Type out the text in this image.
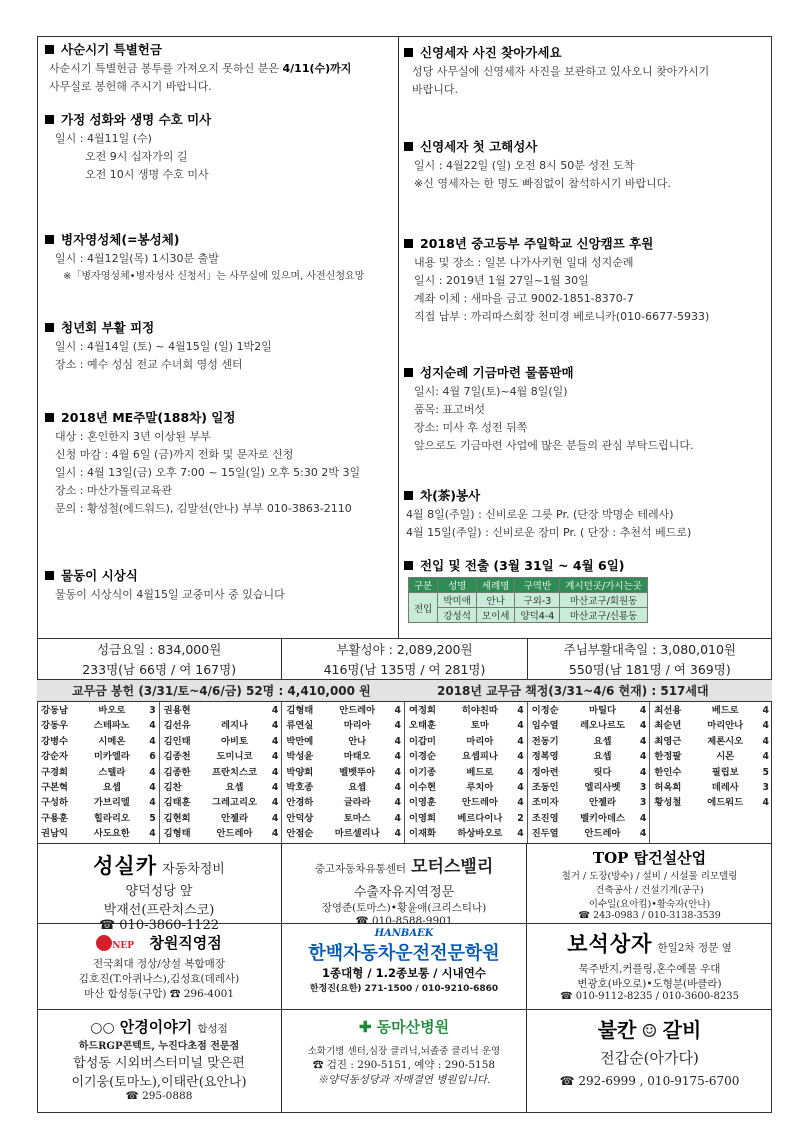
사순시기 특별헌금
사순시기 특별헌금 봉투를 가져오지 못하신 분은 4/11(수)까지
사무실로 봉헌해 주시기 바랍니다.
가정 성화와 생명 수호 미사
일시 : 4월11일 (수)
오전 9시 십자가의 길
오전 10시 생명 수호 미사
병자영성체(=봉성체)
일시 : 4월12일(목) 1시30분 출발
※「병자영성체•병자성사 신청서」는 사무실에 있으며, 사전신청요망
청년회 부활 피정
일시 : 4월14일 (토) ~ 4월15일 (일) 1박2일
장소 : 예수 성심 전교 수녀회 영성 센터
2018년 ME주말(188차) 일정
대상 : 혼인한지 3년 이상된 부부
신청 마감 : 4월 6일 (금)까지 전화 및 문자로 신청
일시 : 4월 13일(금) 오후 7:00 ~ 15일(일) 오후 5:30 2박 3일
장소 : 마산가톨릭교육관
문의 : 황성철(에드워드), 김말선(안나) 부부 010-3863-2110
물동이 시상식
물동이 시상식이 4월15일 교중미사 중 있습니다
신영세자 사진 찾아가세요
성당 사무실에 신영세자 사진을 보관하고 있사오니 찾아가시기
바랍니다.
신영세자 첫 고해성사
일시 : 4월22일 (일) 오전 8시 50분 성전 도착
※신 영세자는 한 명도 빠짐없이 참석하시기 바랍니다.
2018년 중고등부 주일학교 신앙캠프 후원
내용 및 장소 : 일본 나가사키현 일대 성지순례
일시 : 2019년 1월 27일~1월 30일
계좌 이체 : 새마을 금고 9002-1851-8370-7
직접 납부 : 까리따스회장 천미경 베로니카(010-6677-5933)
성지순례 기금마련 물품판매
일시: 4월 7일(토)~4월 8일(일)
품목: 표고버섯
장소: 미사 후 성전 뒤쪽
앞으로도 기금마련 사업에 많은 분들의 관심 부탁드립니다.
차(茶)봉사
4월 8일(주일) : 신비로운 그릇 Pr. (단장 박명순 테레사)
4월 15일(주일) : 신비로운 장미 Pr. ( 단장 : 추천석 베드로)
전입 및 전출 (3월 31일 ~ 4월 6일)
구분	성명	세례명	구역반	계시던곳/가시는곳
전입	박미애	안나	구외-3	마산교구/회원동
	강성석	모이세	양덕4-4	마산교구/신룡동
성금요일 : 834,000원
233명(남 66명 / 여 167명)
부활성야 : 2,089,200원
416명(남 135명 / 여 281명)
주님부활대축일 : 3,080,010원
550명(남 181명 / 여 369명)
교무금 봉헌 (3/31/토~4/6/금) 52명 : 4,410,000 원	2018년 교무금 책정(3/31~4/6 현재) : 517세대
강동남	바오로	3
강동우	스테파노	4
강병수	시메온	4
강순자	미카엘라	6
구경희	스텔라	4
구본혁	요셉	4
구성하	가브리엘	4
구용훈	힐라리오	5
권남익	사도요한	4
권용현	4
김선유	레지나	4
김인태	아비토	4
김종천	도미니코	4
김종한	프란치스코	4
김찬	요셉	4
김태훈	그레고리오	4
김현희	안젤라	4
김형태	안드레아	4
김형태	안드레아	4
류연실	마리아	4
박만예	안나	4
박성윤	마태오	4
박양희	벨벳뚜아	4
박호종	요셉	4
안경하	글라라	4
안덕상	토마스	4
안점순	마르셀리나	4
여정희	히야친따	4
오태훈	토마	4
이갑미	마리아	4
이경순	요셉피나	4
이기종	베드로	4
이수현	루치아	4
이영훈	안드레아	4
이영희	베르다이나	2
이재화	하상바오로	4
이정순	마틸다	4
임수열	레오나르도	4
전동기	요셉	4
정복영	요셉	4
정아련	릿다	4
조동인	엘리사벳	3
조미자	안젤라	3
조진영	벨키아데스	4
진두열	안드레아	4
최선용	베드로	4
최순년	마리안나	4
최영근	제론시오	4
한정팔	시몬	4
한인수	필립보	5
허옥희	데레사	3
황성철	에드워드	4
성실카 자동차정비
양덕성당 앞
박재선(프란치스코)
☎ 010-3860-1122
중고자동차유통센터 모터스밸리
수출자유지역정문
장영준(토마스)•황윤애(크리스티나)
☎ 010-8588-9901
TOP 탑건설산업
철거 / 도장(방수) / 설비 / 시설물 리모델링
건축공사 / 건설기계(공구)
이수일(요아킴)•황숙자(안나)
☎ 243-0983 / 010-3138-3539
NEP 창원직영점
전국최대 정상/상설 복합매장
김호진(T.아퀴나스),김성효(데레사)
마산 합성동(구압) ☎ 296-4001
HANBAEK
한백자동차운전전문학원
1종대형 / 1.2종보통 / 시내연수
한정진(요한) 271-1500 / 010-9210-6860
보석상자 한일2차 정문 옆
묵주반지,커플링,혼수예물 우대
변광호(바오로)•도형분(바클라)
☎ 010-9112-8235 / 010-3600-8235
○○ 안경이야기 합성점
하드RGP콘텍트, 누진다초점 전문점
합성동 시외버스터미널 맞은편
이기웅(토마노),이태란(요안나)
☎ 295-0888
✚ 동마산병원
소화기병 센터,심장 클리닉,뇌졸중 클리닉 운영
☎ 검진 : 290-5151, 예약 : 290-5158
※양덕동성당과 자매결연 병원입니다.
불칸 ☺ 갈비
전갑순(아가다)
☎ 292-6999 , 010-9175-6700
